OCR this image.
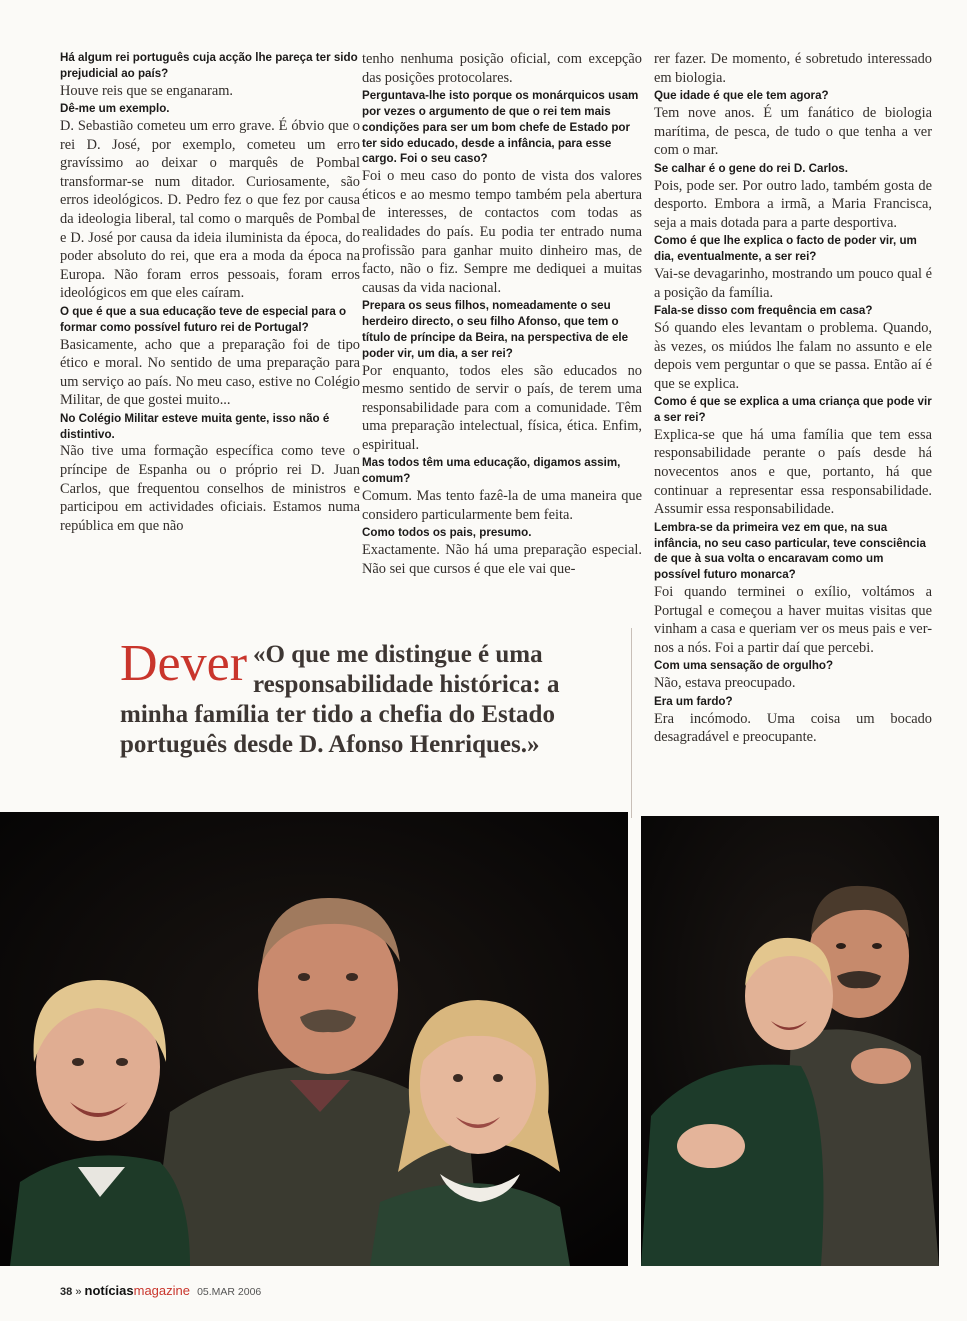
Há algum rei português cuja acção lhe pareça ter sido prejudicial ao país?

Houve reis que se enganaram.

Dê-me um exemplo.

D. Sebastião cometeu um erro grave. É óbvio que o rei D. José, por exemplo, cometeu um erro gravíssimo ao deixar o marquês de Pombal transformar-se num ditador. Curiosamente, são erros ideológicos. D. Pedro fez o que fez por causa da ideologia liberal, tal como o marquês de Pombal e D. José por causa da ideia iluminista da época, do poder absoluto do rei, que era a moda da época na Europa. Não foram erros pessoais, foram erros ideológicos em que eles caíram.

O que é que a sua educação teve de especial para o formar como possível futuro rei de Portugal?

Basicamente, acho que a preparação foi de tipo ético e moral. No sentido de uma preparação para um serviço ao país. No meu caso, estive no Colégio Militar, de que gostei muito...

No Colégio Militar esteve muita gente, isso não é distintivo.

Não tive uma formação específica como teve o príncipe de Espanha ou o próprio rei D. Juan Carlos, que frequentou conselhos de ministros e participou em actividades oficiais. Estamos numa república em que não

tenho nenhuma posição oficial, com excepção das posições protocolares.

Perguntava-lhe isto porque os monárquicos usam por vezes o argumento de que o rei tem mais condições para ser um bom chefe de Estado por ter sido educado, desde a infância, para esse cargo. Foi o seu caso?

Foi o meu caso do ponto de vista dos valores éticos e ao mesmo tempo também pela abertura de interesses, de contactos com todas as realidades do país. Eu podia ter entrado numa profissão para ganhar muito dinheiro mas, de facto, não o fiz. Sempre me dediquei a muitas causas da vida nacional.

Prepara os seus filhos, nomeadamente o seu herdeiro directo, o seu filho Afonso, que tem o título de príncipe da Beira, na perspectiva de ele poder vir, um dia, a ser rei?

Por enquanto, todos eles são educados no mesmo sentido de servir o país, de terem uma responsabilidade para com a comunidade. Têm uma preparação intelectual, física, ética. Enfim, espiritual.

Mas todos têm uma educação, digamos assim, comum?

Comum. Mas tento fazê-la de uma maneira que considero particularmente bem feita.

Como todos os pais, presumo.

Exactamente. Não há uma preparação especial. Não sei que cursos é que ele vai que-

rer fazer. De momento, é sobretudo interessado em biologia.

Que idade é que ele tem agora?

Tem nove anos. É um fanático de biologia marítima, de pesca, de tudo o que tenha a ver com o mar.

Se calhar é o gene do rei D. Carlos.

Pois, pode ser. Por outro lado, também gosta de desporto. Embora a irmã, a Maria Francisca, seja a mais dotada para a parte desportiva.

Como é que lhe explica o facto de poder vir, um dia, eventualmente, a ser rei?

Vai-se devagarinho, mostrando um pouco qual é a posição da família.

Fala-se disso com frequência em casa?

Só quando eles levantam o problema. Quando, às vezes, os miúdos lhe falam no assunto e ele depois vem perguntar o que se passa. Então aí é que se explica.

Como é que se explica a uma criança que pode vir a ser rei?

Explica-se que há uma família que tem essa responsabilidade perante o país desde há novecentos anos e que, portanto, há que continuar a representar essa responsabilidade. Assumir essa responsabilidade.

Lembra-se da primeira vez em que, na sua infância, no seu caso particular, teve consciência de que à sua volta o encaravam como um possível futuro monarca?

Foi quando terminei o exílio, voltámos a Portugal e começou a haver muitas visitas que vinham a casa e queriam ver os meus pais e ver-nos a nós. Foi a partir daí que percebi.

Com uma sensação de orgulho?

Não, estava preocupado.

Era um fardo?

Era incómodo. Uma coisa um bocado desagradável e preocupante.

Dever «O que me distingue é uma responsabilidade histórica: a minha família ter tido a chefia do Estado português desde D. Afonso Henriques.»
38 » notíciasmagazine 05.MAR 2006
